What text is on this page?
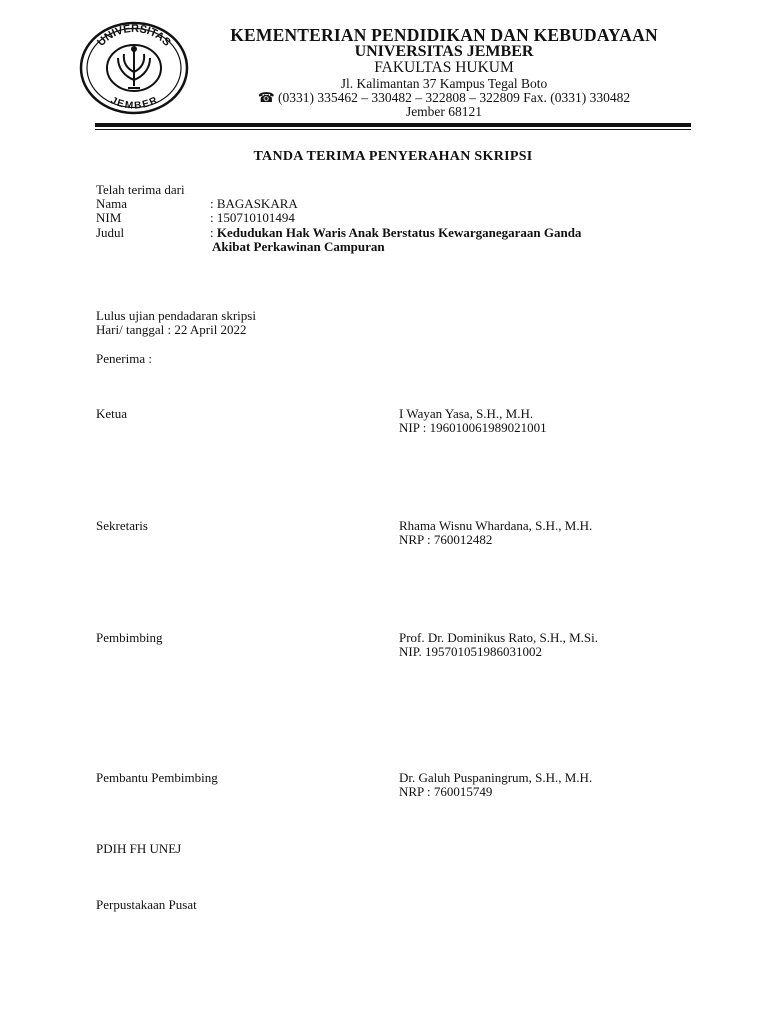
UNIVERSITAS
JEMBER
KEMENTERIAN PENDIDIKAN DAN KEBUDAYAAN
UNIVERSITAS JEMBER
FAKULTAS HUKUM
Jl. Kalimantan 37 Kampus Tegal Boto
☎ (0331) 335462 – 330482 – 322808 – 322809 Fax. (0331) 330482
Jember 68121
TANDA TERIMA PENYERAHAN SKRIPSI
Telah terima dari
Nama	: BAGASKARA
NIM	: 150710101494
Judul	: Kedudukan Hak Waris Anak Berstatus Kewarganegaraan Ganda
Akibat Perkawinan Campuran
Lulus ujian pendadaran skripsi
Hari/ tanggal : 22 April 2022
Penerima :
Ketua	I Wayan Yasa, S.H., M.H.
NIP : 196010061989021001
Sekretaris	Rhama Wisnu Whardana, S.H., M.H.
NRP : 760012482
Pembimbing	Prof. Dr. Dominikus Rato, S.H., M.Si.
NIP. 195701051986031002
Pembantu Pembimbing	Dr. Galuh Puspaningrum, S.H., M.H.
NRP : 760015749
PDIH FH UNEJ
Perpustakaan Pusat
